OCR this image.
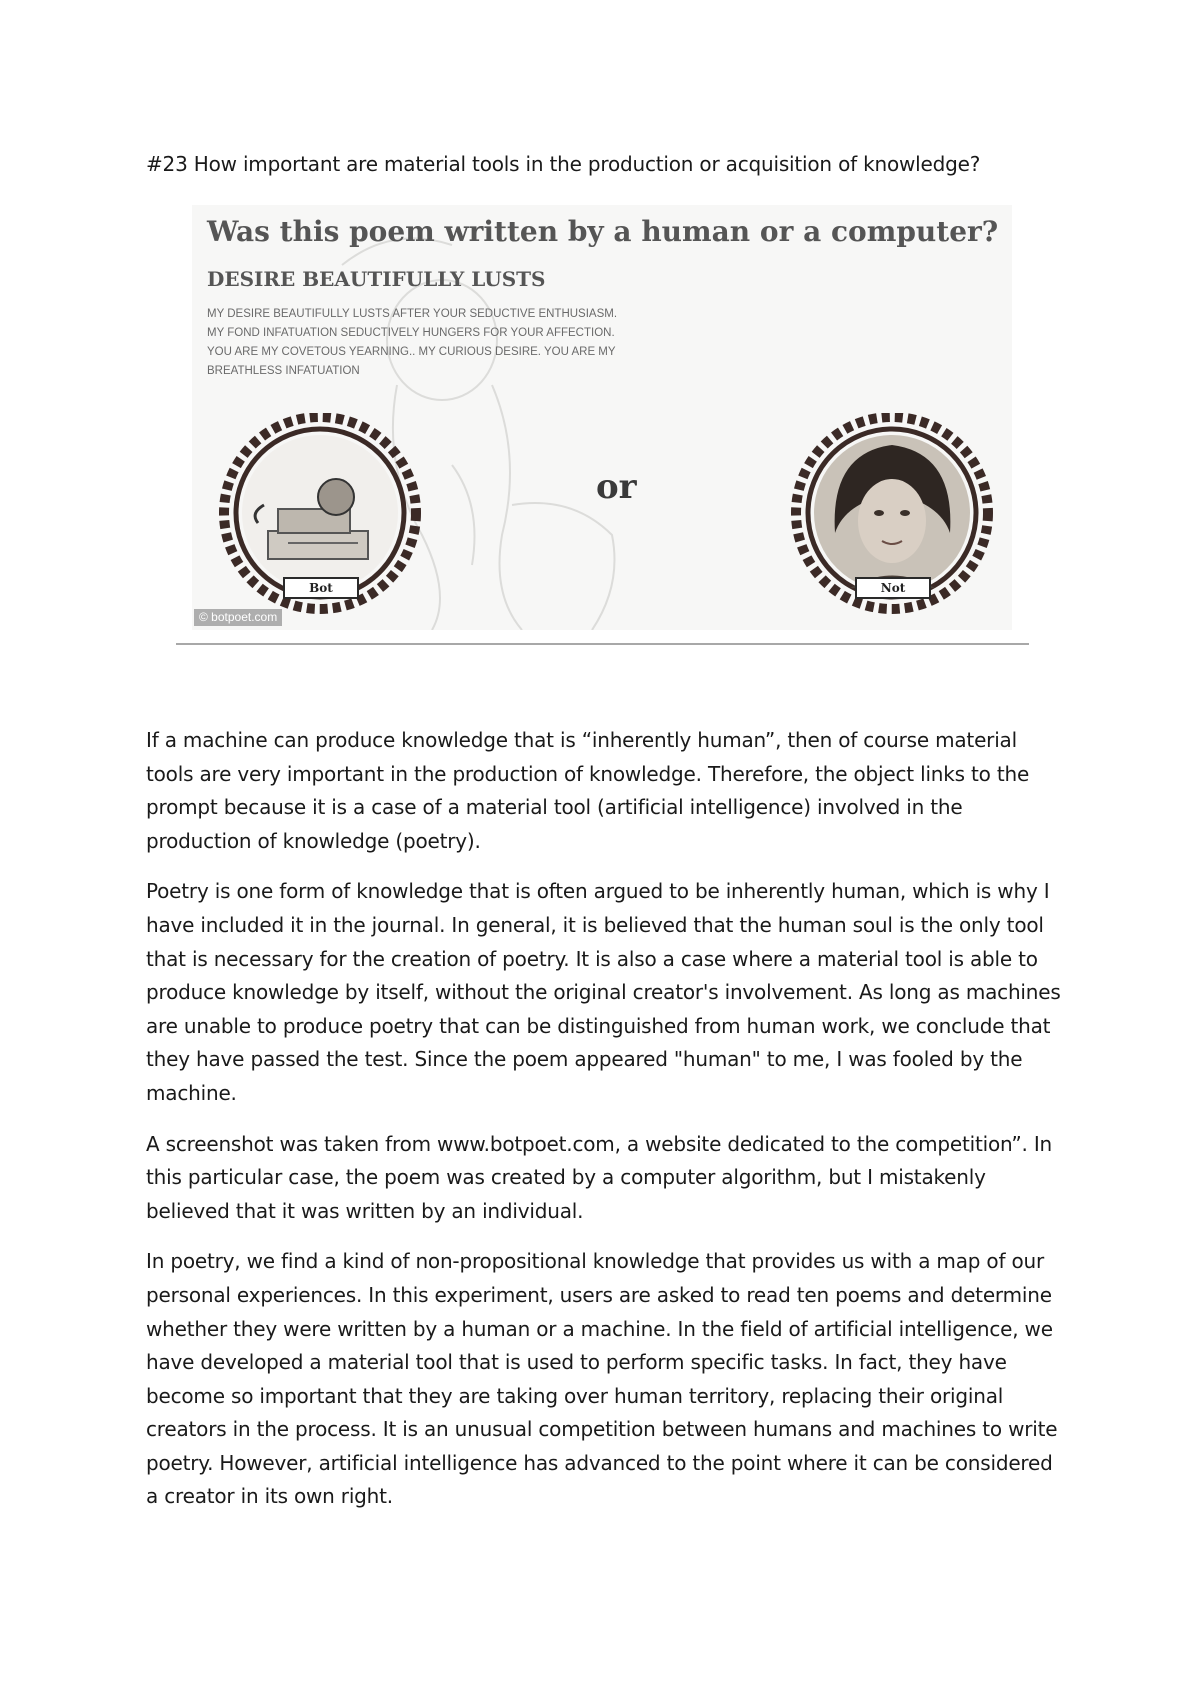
#23 How important are material tools in the production or acquisition of knowledge?
Was this poem written by a human or a computer?
DESIRE BEAUTIFULLY LUSTS
MY DESIRE BEAUTIFULLY LUSTS AFTER YOUR SEDUCTIVE ENTHUSIASM.
MY FOND INFATUATION SEDUCTIVELY HUNGERS FOR YOUR AFFECTION.
YOU ARE MY COVETOUS YEARNING.. MY CURIOUS DESIRE. YOU ARE MY
BREATHLESS INFATUATION
Bot
or
Not
© botpoet.com

If a machine can produce knowledge that is “inherently human”, then of course material tools are very important in the production of knowledge. Therefore, the object links to the prompt because it is a case of a material tool (artificial intelligence) involved in the production of knowledge (poetry).

Poetry is one form of knowledge that is often argued to be inherently human, which is why I have included it in the journal. In general, it is believed that the human soul is the only tool that is necessary for the creation of poetry. It is also a case where a material tool is able to produce knowledge by itself, without the original creator's involvement. As long as machines are unable to produce poetry that can be distinguished from human work, we conclude that they have passed the test. Since the poem appeared "human" to me, I was fooled by the machine.

A screenshot was taken from www.botpoet.com, a website dedicated to the competition”. In this particular case, the poem was created by a computer algorithm, but I mistakenly believed that it was written by an individual.

In poetry, we find a kind of non-propositional knowledge that provides us with a map of our personal experiences. In this experiment, users are asked to read ten poems and determine whether they were written by a human or a machine. In the field of artificial intelligence, we have developed a material tool that is used to perform specific tasks. In fact, they have become so important that they are taking over human territory, replacing their original creators in the process. It is an unusual competition between humans and machines to write poetry. However, artificial intelligence has advanced to the point where it can be considered a creator in its own right.
